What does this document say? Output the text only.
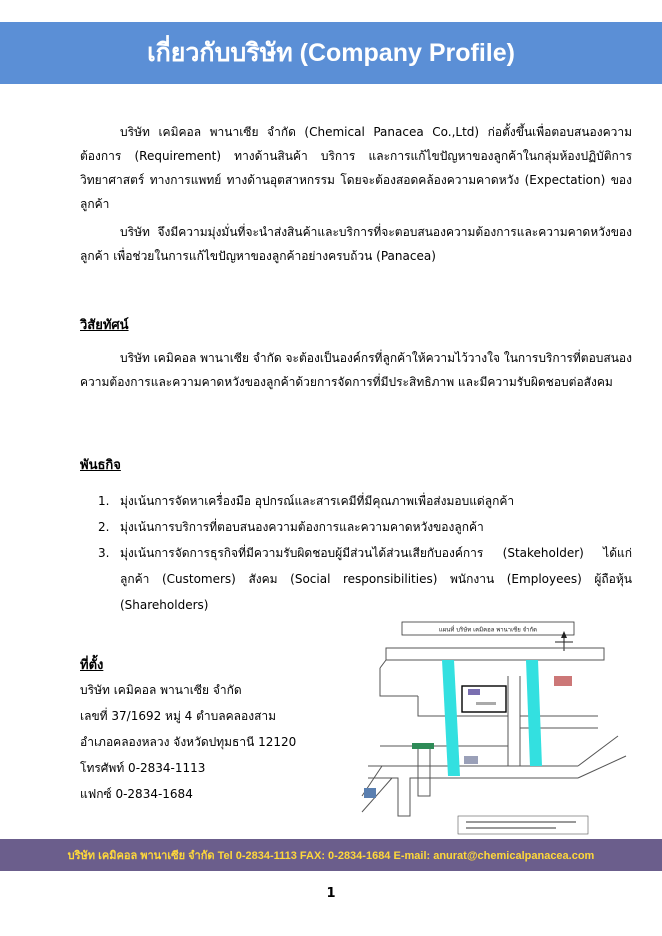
เกี่ยวกับบริษัท (Company Profile)

บริษัท เคมิคอล พานาเซีย จำกัด (Chemical Panacea Co.,Ltd) ก่อตั้งขึ้นเพื่อตอบสนองความต้องการ (Requirement) ทางด้านสินค้า บริการ และการแก้ไขปัญหาของลูกค้าในกลุ่มห้องปฏิบัติการวิทยาศาสตร์ ทางการแพทย์ ทางด้านอุตสาหกรรม โดยจะต้องสอดคล้องความคาดหวัง (Expectation) ของลูกค้า

บริษัท จึงมีความมุ่งมั่นที่จะนำส่งสินค้าและบริการที่จะตอบสนองความต้องการและความคาดหวังของลูกค้า เพื่อช่วยในการแก้ไขปัญหาของลูกค้าอย่างครบถ้วน (Panacea)

วิสัยทัศน์

บริษัท เคมิคอล พานาเซีย จำกัด จะต้องเป็นองค์กรที่ลูกค้าให้ความไว้วางใจ ในการบริการที่ตอบสนองความต้องการและความคาดหวังของลูกค้าด้วยการจัดการที่มีประสิทธิภาพ และมีความรับผิดชอบต่อสังคม

พันธกิจ
1. มุ่งเน้นการจัดหาเครื่องมือ อุปกรณ์และสารเคมีที่มีคุณภาพเพื่อส่งมอบแด่ลูกค้า
2. มุ่งเน้นการบริการที่ตอบสนองความต้องการและความคาดหวังของลูกค้า
3. มุ่งเน้นการจัดการธุรกิจที่มีความรับผิดชอบผู้มีส่วนได้ส่วนเสียกับองค์การ (Stakeholder) ได้แก่ ลูกค้า (Customers) สังคม (Social responsibilities) พนักงาน (Employees) ผู้ถือหุ้น (Shareholders)
ที่ตั้ง
บริษัท เคมิคอล พานาเซีย จำกัด
เลขที่ 37/1692 หมู่ 4 ตำบลคลองสาม
อำเภอคลองหลวง จังหวัดปทุมธานี 12120
โทรศัพท์ 0-2834-1113
แฟกซ์ 0-2834-1684
แผนที่ บริษัท เคมิคอล พานาเซีย จำกัด
บริษัท เคมิคอล พานาเซีย จำกัด Tel 0-2834-1113 FAX: 0-2834-1684 E-mail: anurat@chemicalpanacea.com
1
